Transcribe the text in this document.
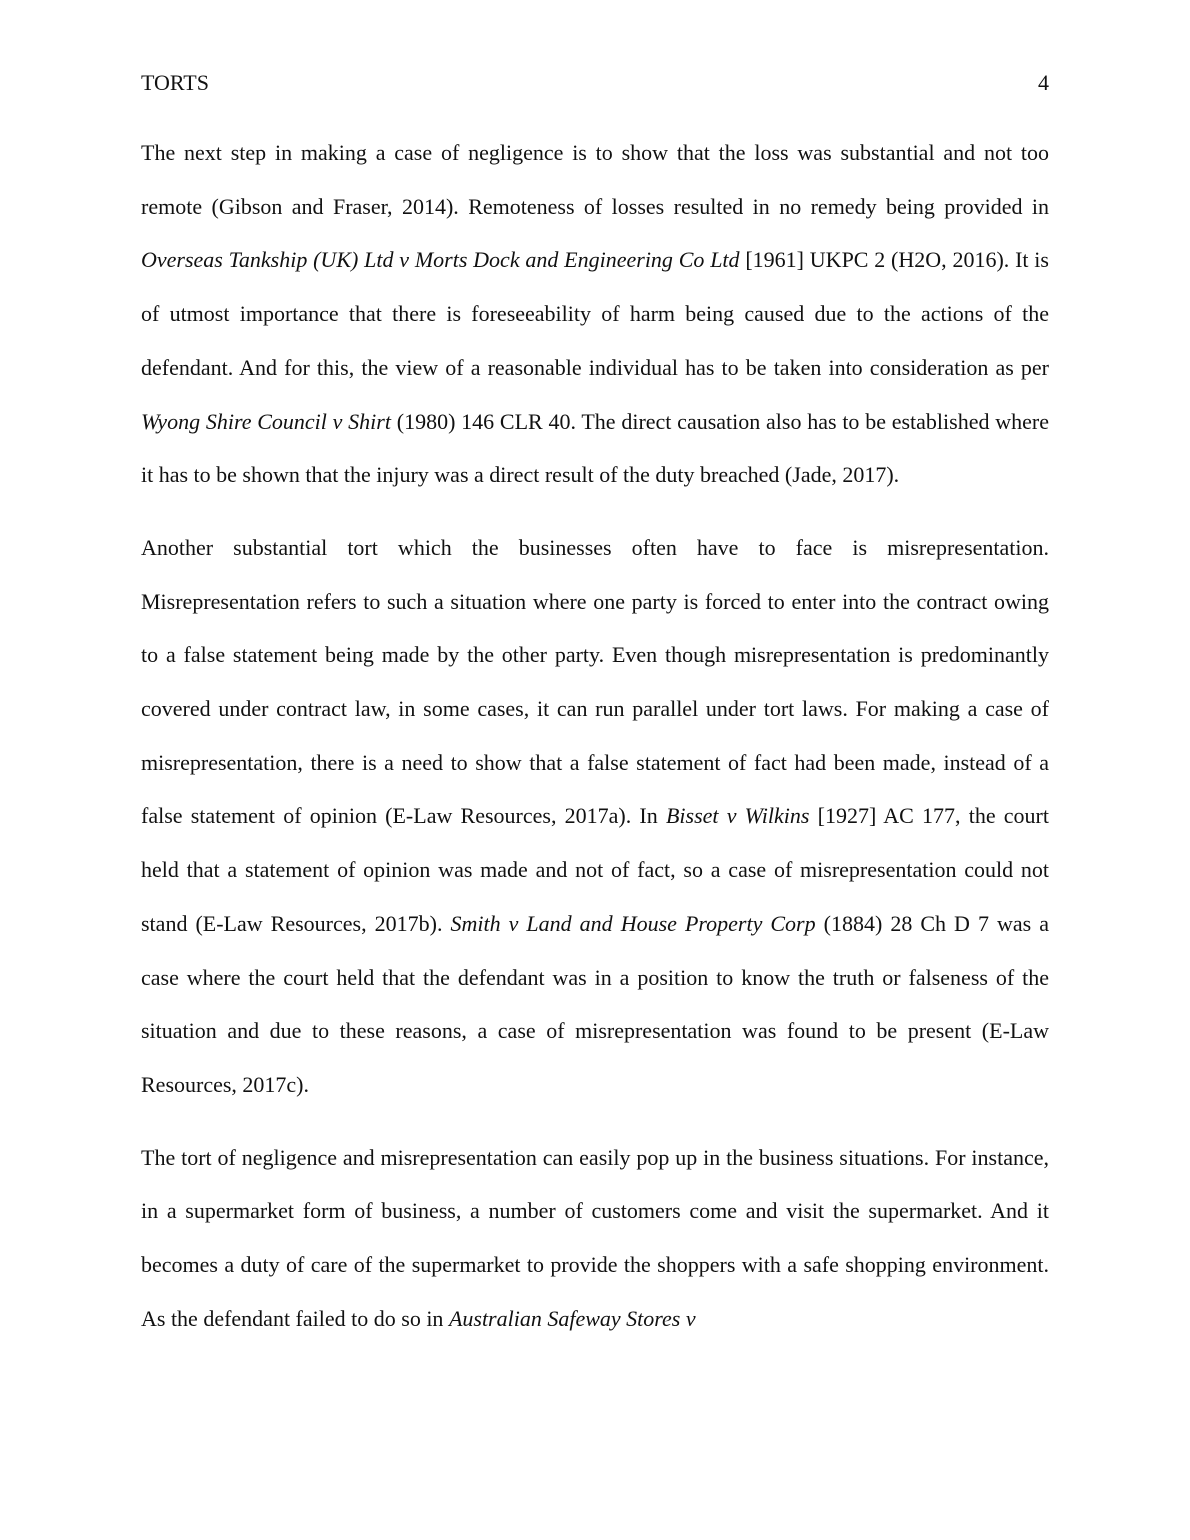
TORTS	4

The next step in making a case of negligence is to show that the loss was substantial and not too remote (Gibson and Fraser, 2014). Remoteness of losses resulted in no remedy being provided in Overseas Tankship (UK) Ltd v Morts Dock and Engineering Co Ltd [1961] UKPC 2 (H2O, 2016). It is of utmost importance that there is foreseeability of harm being caused due to the actions of the defendant. And for this, the view of a reasonable individual has to be taken into consideration as per Wyong Shire Council v Shirt (1980) 146 CLR 40. The direct causation also has to be established where it has to be shown that the injury was a direct result of the duty breached (Jade, 2017).

Another substantial tort which the businesses often have to face is misrepresentation. Misrepresentation refers to such a situation where one party is forced to enter into the contract owing to a false statement being made by the other party. Even though misrepresentation is predominantly covered under contract law, in some cases, it can run parallel under tort laws. For making a case of misrepresentation, there is a need to show that a false statement of fact had been made, instead of a false statement of opinion (E-Law Resources, 2017a). In Bisset v Wilkins [1927] AC 177, the court held that a statement of opinion was made and not of fact, so a case of misrepresentation could not stand (E-Law Resources, 2017b). Smith v Land and House Property Corp (1884) 28 Ch D 7 was a case where the court held that the defendant was in a position to know the truth or falseness of the situation and due to these reasons, a case of misrepresentation was found to be present (E-Law Resources, 2017c).

The tort of negligence and misrepresentation can easily pop up in the business situations. For instance, in a supermarket form of business, a number of customers come and visit the supermarket. And it becomes a duty of care of the supermarket to provide the shoppers with a safe shopping environment. As the defendant failed to do so in Australian Safeway Stores v
